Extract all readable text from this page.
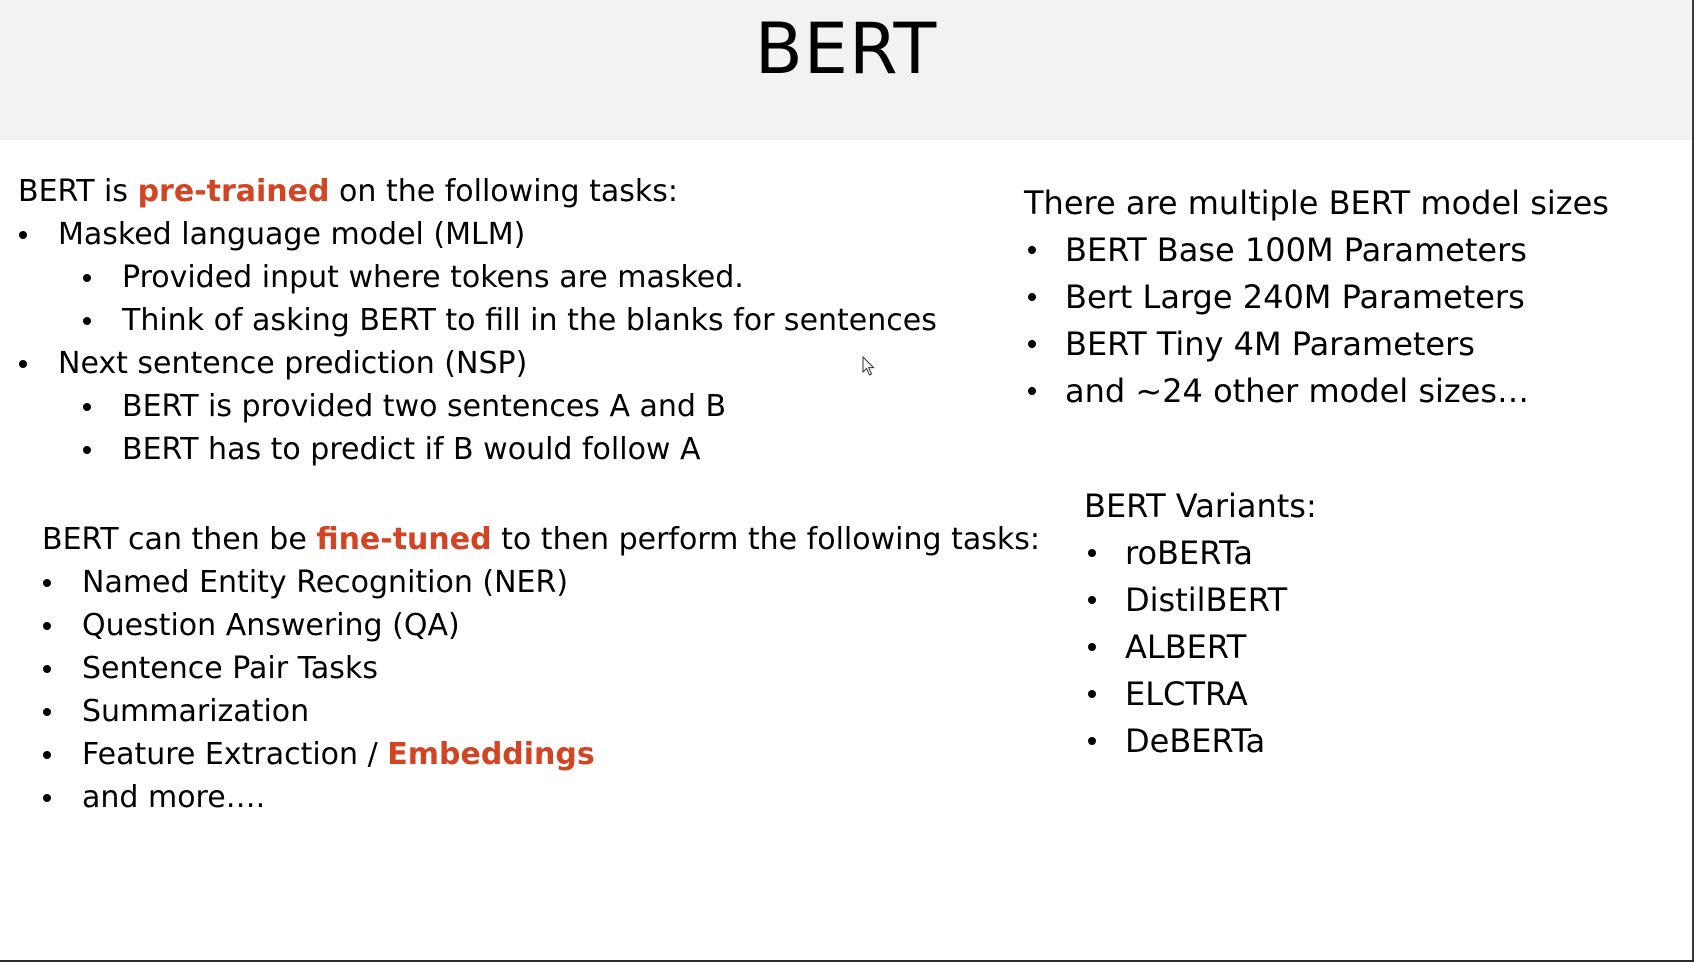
BERT
BERT is pre-trained on the following tasks:
Masked language model (MLM)
Provided input where tokens are masked.
Think of asking BERT to fill in the blanks for sentences
Next sentence prediction (NSP)
BERT is provided two sentences A and B
BERT has to predict if B would follow A
BERT can then be fine-tuned to then perform the following tasks:
Named Entity Recognition (NER)
Question Answering (QA)
Sentence Pair Tasks
Summarization
Feature Extraction / Embeddings
and more….
There are multiple BERT model sizes
BERT Base 100M Parameters
Bert Large 240M Parameters
BERT Tiny 4M Parameters
and ~24 other model sizes…
BERT Variants:
roBERTa
DistilBERT
ALBERT
ELCTRA
DeBERTa
